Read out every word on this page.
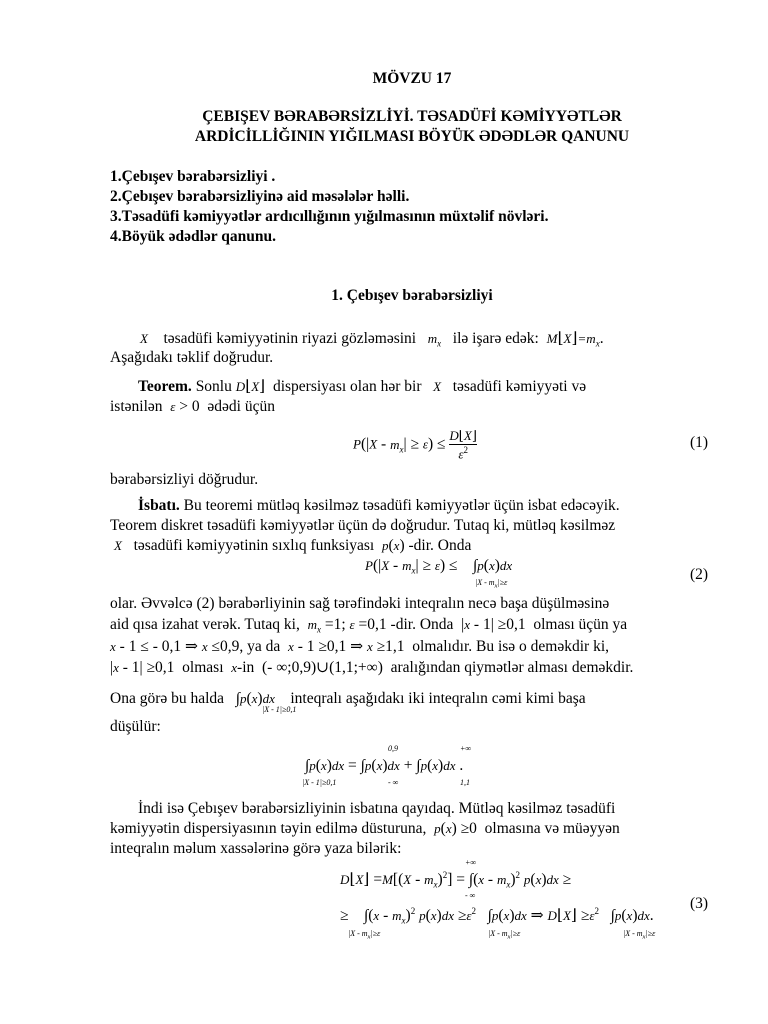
MÖVZU 17
ÇEBIŞEV BƏRABƏRSİZLİYİ. TƏSADÜFİ KƏMİYYƏTLƏR
ARDİCİLLİĞININ YIĞILMASI BÖYÜK ƏDƏDLƏR QANUNU
1.Çebışev bərabərsizliyi .
2.Çebışev bərabərsizliyinə aid məsələlər həlli.
3.Təsadüfi kəmiyyətlər ardıcıllığının yığılmasının müxtəlif növləri.
4.Böyük ədədlər qanunu.
1. Çebışev bərabərsizliyi
X tәsadüfi kәmiyyәtinin riyazi gözlәmәsini $m_x$ ilә işarә edәk: $M⌊X⌋=m_x$.
Aşağıdakı tәklif doğrudur.
Teorem. Sonlu D⌊X⌋  dispersiyası olan hәr bir X tәsadüfi kәmiyyәti vә
istәnilәn ε > 0  әdәdi üçün
$P(|X - m_x| \ge \varepsilon) \le \frac{D⌊X⌋}{\varepsilon^2}$	(1)
bәrabәrsizliyi döğrudur.
İsbatı. Bu teoremi mütlәq kәsilmәz tәsadüfi kәmiyyәtlәr üçün isbat edәcәyik.
Teorem diskret tәsadüfi kәmiyyәtlәr üçün dә doğrudur. Tutaq ki, mütlәq kәsilmәz
X tәsadüfi kәmiyyәtinin sıxlıq funksiyası p(x) -dir. Onda
$P(|X - m_x| \ge \varepsilon)$ ≤    ∫p(x)dx
$|X - m_x|\ge\varepsilon$	(2)
olar. Әvvәlcә (2) bәrabәrliyinin sağ tәrәfindәki inteqralın necә başa düşülmәsinә
aid qısa izahat verәk. Tutaq ki, $m_x =1$; ε =0,1 -dir. Onda  |x - 1| ≥0,1  olması üçün ya
x - 1 ≤ - 0,1 ⇒ x ≤0,9, ya da x - 1 ≥0,1 ⇒ x ≥1,1  olmalıdır. Bu isә o demәkdir ki,
|x - 1| ≥0,1  olması x-in  (- ∞;0,9)∪(1,1;+∞)  aralığından qiymәtlәr alması demәkdir.
Ona görә bu halda ∫p(x)dx inteqralı aşağıdakı iki inteqralın cәmi kimi başa
|X - 1|≥0,1
düşülür:
0,9	+∞
∫p(x)dx = ∫p(x)dx + ∫p(x)dx .
|X - 1|≥0,1	- ∞	1,1
İndi isә Çebışev bәrabәrsizliyinin isbatına qayıdaq. Mütlәq kәsilmәz tәsadüfi
kәmiyyәtin dispersiyasının tәyin edilmә düsturuna, p(x) ≥0  olmasına vә müәyyәn
inteqralın mәlum xassәlәrinә görә yaza bilәrik:
+∞
D⌊X⌋ $=M[(X - m_x)^2] = \int(x - m_x)^2$ p(x)dx ≥
- ∞	(3)
≥    $\int(x - m_x)^2$ $p(x)dx \ge\varepsilon^2$   ∫p(x)dx ⇒ D⌊X⌋ $\ge\varepsilon^2$   ∫p(x)dx.
$|X - m_x|\ge\varepsilon$	$|X - m_x|\ge\varepsilon$	$|X - m_x|\ge\varepsilon$
